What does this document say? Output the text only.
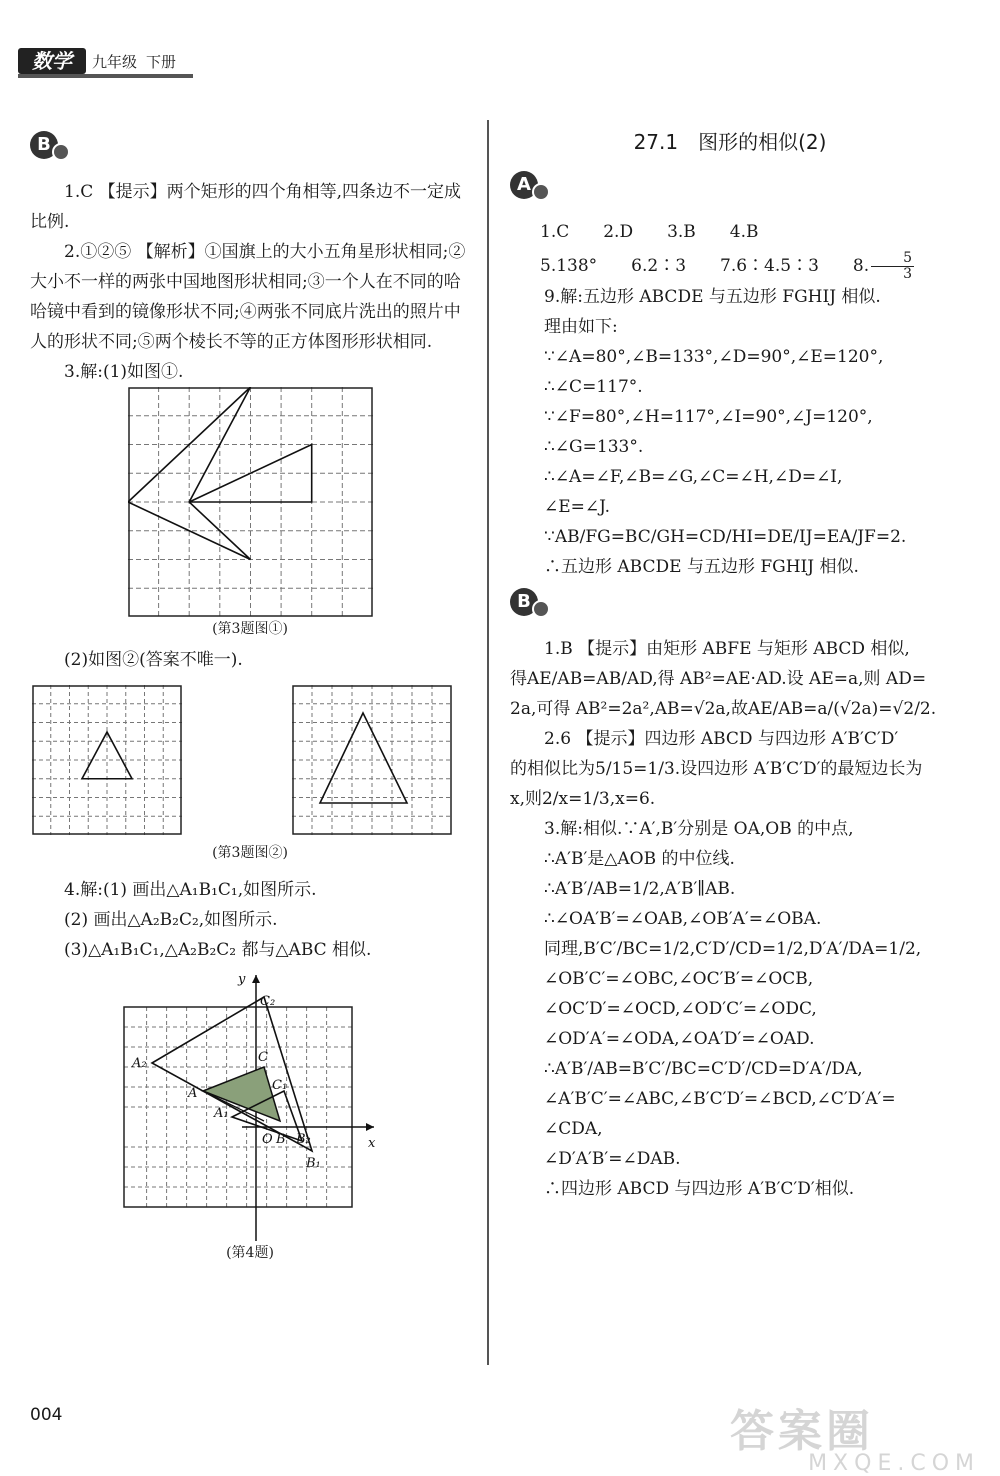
数学	九年级 下册
B

1.C 【提示】两个矩形的四个角相等,四条边不一定成比例.

2.①②⑤ 【解析】①国旗上的大小五角星形状相同;②大小不一样的两张中国地图形状相同;③一个人在不同的哈哈镜中看到的镜像形状不同;④两张不同底片洗出的照片中人的形状不同;⑤两个棱长不等的正方体图形形状相同.

3.解:(1)如图①.

(第3题图①)

(2)如图②(答案不唯一).

(第3题图②)

4.解:(1) 画出△A₁B₁C₁,如图所示.

(2) 画出△A₂B₂C₂,如图所示.

(3)△A₁B₁C₁,△A₂B₂C₂ 都与△ABC 相似.

y
x
C₂
A₂	C
C₁
A
A₁
O B B₂
B₁
(第4题)
27.1　图形的相似(2)
A

1.C　　2.D　　3.B　　4.B

5.138°　　6.2∶3　　7.6∶4.5∶3　　8. $\frac{5}{3}$

9.解:五边形 ABCDE 与五边形 FGHIJ 相似.

理由如下:

∵∠A=80°,∠B=133°,∠D=90°,∠E=120°,

∴∠C=117°.

∵∠F=80°,∠H=117°,∠I=90°,∠J=120°,

∴∠G=133°.

∴∠A=∠F,∠B=∠G,∠C=∠H,∠D=∠I,

∠E=∠J.

∵AB/FG=BC/GH=CD/HI=DE/IJ=EA/JF=2.

∴五边形 ABCDE 与五边形 FGHIJ 相似.

B

1.B 【提示】由矩形 ABFE 与矩形 ABCD 相似,

得AE/AB=AB/AD,得 AB²=AE·AD.设 AE=a,则 AD=

2a,可得 AB²=2a²,AB=√2a,故AE/AB=a/(√2a)=√2/2.

2.6 【提示】四边形 ABCD 与四边形 A′B′C′D′

的相似比为5/15=1/3.设四边形 A′B′C′D′的最短边长为

x,则2/x=1/3,x=6.

3.解:相似.∵A′,B′分别是 OA,OB 的中点,

∴A′B′是△AOB 的中位线.

∴A′B′/AB=1/2,A′B′∥AB.

∴∠OA′B′=∠OAB,∠OB′A′=∠OBA.

同理,B′C′/BC=1/2,C′D′/CD=1/2,D′A′/DA=1/2,

∠OB′C′=∠OBC,∠OC′B′=∠OCB,

∠OC′D′=∠OCD,∠OD′C′=∠ODC,

∠OD′A′=∠ODA,∠OA′D′=∠OAD.

∴A′B′/AB=B′C′/BC=C′D′/CD=D′A′/DA,

∠A′B′C′=∠ABC,∠B′C′D′=∠BCD,∠C′D′A′=

∠CDA,

∠D′A′B′=∠DAB.

∴四边形 ABCD 与四边形 A′B′C′D′相似.

004	答案圈
MXQE.COM
